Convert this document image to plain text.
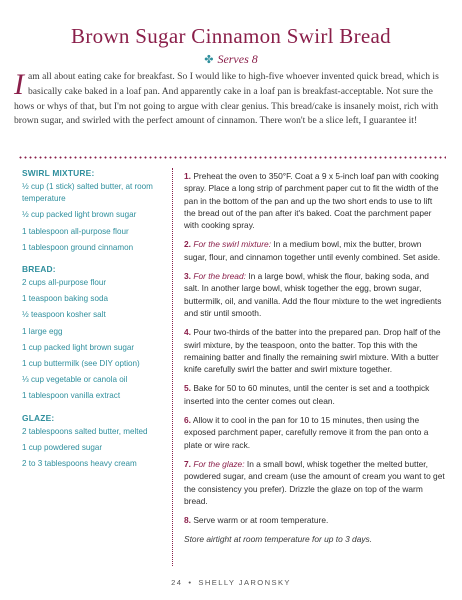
Brown Sugar Cinnamon Swirl Bread
✤ Serves 8
I am all about eating cake for breakfast. So I would like to high-five whoever invented quick bread, which is basically cake baked in a loaf pan. And apparently cake in a loaf pan is breakfast-acceptable. Not sure the hows or whys of that, but I'm not going to argue with clear genius. This bread/cake is insanely moist, rich with brown sugar, and swirled with the perfect amount of cinnamon. There won't be a slice left, I guarantee it!
SWIRL MIXTURE:
½ cup (1 stick) salted butter, at room temperature
½ cup packed light brown sugar
1 tablespoon all-purpose flour
1 tablespoon ground cinnamon
BREAD:
2 cups all-purpose flour
1 teaspoon baking soda
½ teaspoon kosher salt
1 large egg
1 cup packed light brown sugar
1 cup buttermilk (see DIY option)
⅓ cup vegetable or canola oil
1 tablespoon vanilla extract
GLAZE:
2 tablespoons salted butter, melted
1 cup powdered sugar
2 to 3 tablespoons heavy cream

1. Preheat the oven to 350°F. Coat a 9 x 5-inch loaf pan with cooking spray. Place a long strip of parchment paper cut to fit the width of the pan in the bottom of the pan and up the two short ends to use to lift the bread out of the pan after it's baked. Coat the parchment paper with cooking spray.

2. For the swirl mixture: In a medium bowl, mix the butter, brown sugar, flour, and cinnamon together until evenly combined. Set aside.

3. For the bread: In a large bowl, whisk the flour, baking soda, and salt. In another large bowl, whisk together the egg, brown sugar, buttermilk, oil, and vanilla. Add the flour mixture to the wet ingredients and stir until smooth.

4. Pour two-thirds of the batter into the prepared pan. Drop half of the swirl mixture, by the teaspoon, onto the batter. Top this with the remaining batter and finally the remaining swirl mixture. With a butter knife carefully swirl the batter and swirl mixture together.

5. Bake for 50 to 60 minutes, until the center is set and a toothpick inserted into the center comes out clean.

6. Allow it to cool in the pan for 10 to 15 minutes, then using the exposed parchment paper, carefully remove it from the pan onto a plate or wire rack.

7. For the glaze: In a small bowl, whisk together the melted butter, powdered sugar, and cream (use the amount of cream you want to get the consistency you prefer). Drizzle the glaze on top of the warm bread.

8. Serve warm or at room temperature.

Store airtight at room temperature for up to 3 days.

24 • SHELLY JARONSKY
